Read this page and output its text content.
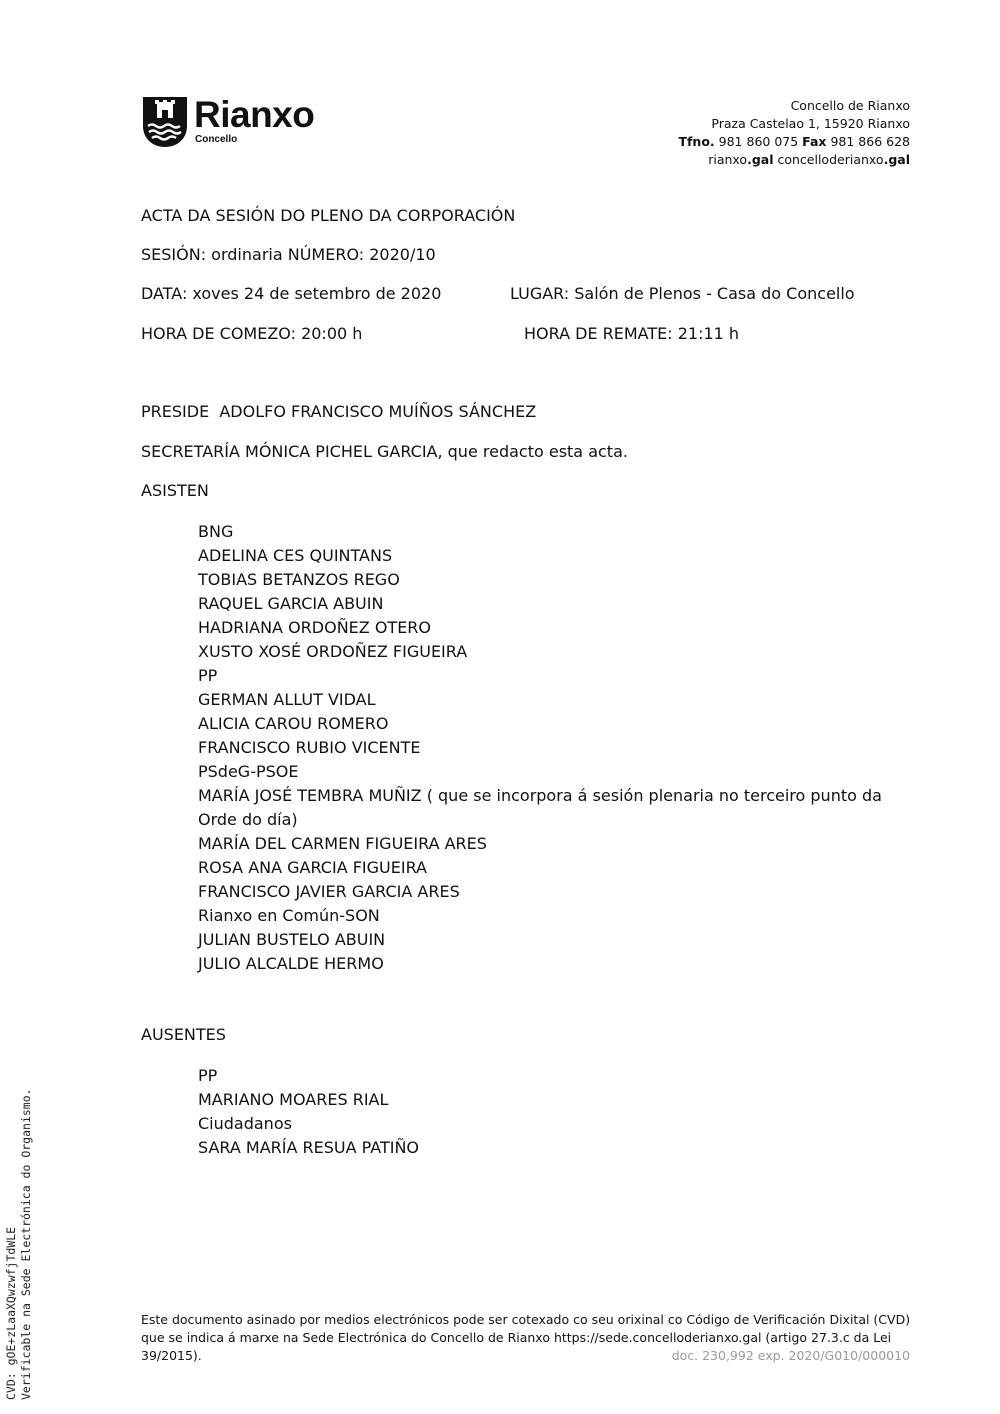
Rianxo
Concello
Concello de Rianxo
Praza Castelao 1, 15920 Rianxo
Tfno. 981 860 075 Fax 981 866 628
rianxo.gal concelloderianxo.gal
ACTA DA SESIÓN DO PLENO DA CORPORACIÓN
SESIÓN: ordinaria NÚMERO: 2020/10
DATA: xoves 24 de setembro de 2020	LUGAR: Salón de Plenos - Casa do Concello
HORA DE COMEZO: 20:00 h	HORA DE REMATE: 21:11 h
PRESIDE  ADOLFO FRANCISCO MUÍÑOS SÁNCHEZ
SECRETARÍA MÓNICA PICHEL GARCIA, que redacto esta acta.
ASISTEN
BNG
ADELINA CES QUINTANS
TOBIAS BETANZOS REGO
RAQUEL GARCIA ABUIN
HADRIANA ORDOÑEZ OTERO
XUSTO XOSÉ ORDOÑEZ FIGUEIRA
PP
GERMAN ALLUT VIDAL
ALICIA CAROU ROMERO
FRANCISCO RUBIO VICENTE
PSdeG-PSOE
MARÍA JOSÉ TEMBRA MUÑIZ ( que se incorpora á sesión plenaria no terceiro punto da Orde do día)
MARÍA DEL CARMEN FIGUEIRA ARES
ROSA ANA GARCIA FIGUEIRA
FRANCISCO JAVIER GARCIA ARES
Rianxo en Común-SON
JULIAN BUSTELO ABUIN
JULIO ALCALDE HERMO
AUSENTES
PP
MARIANO MOARES RIAL
Ciudadanos
SARA MARÍA RESUA PATIÑO
Este documento asinado por medios electrónicos pode ser cotexado co seu orixinal co Código de Verificación Dixital (CVD) que se indica á marxe na Sede Electrónica do Concello de Rianxo https://sede.concelloderianxo.gal (artigo 27.3.c da Lei 39/2015).	doc. 230,992 exp. 2020/G010/000010
CVD: gOE+zLaaXQwzwfjTdWLE Verificable na Sede Electrónica do Organismo.
